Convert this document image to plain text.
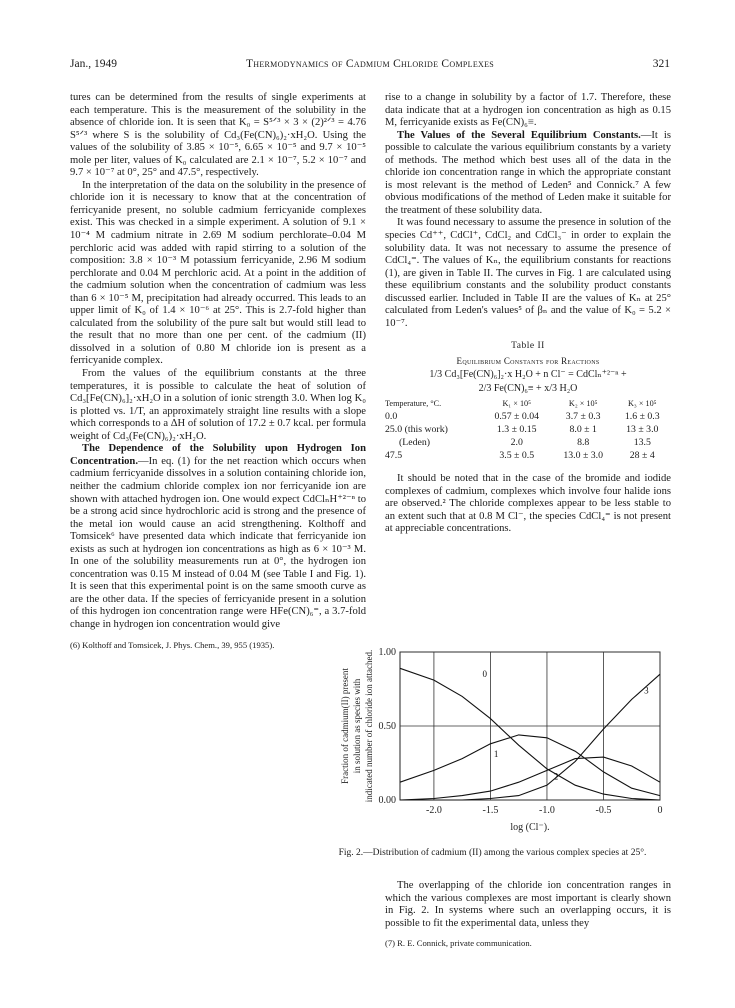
Jan., 1949	Thermodynamics of Cadmium Chloride Complexes	321

tures can be determined from the results of single experiments at each temperature. This is the measurement of the solubility in the absence of chloride ion. It is seen that K₀ = S⁵ᐟ³ × 3 × (2)²ᐟ³ = 4.76 S⁵ᐟ³ where S is the solubility of Cd₃(Fe(CN)₆)₂·xH₂O. Using the values of the solubility of 3.85 × 10⁻⁵, 6.65 × 10⁻⁵ and 9.7 × 10⁻⁵ mole per liter, values of K₀ calculated are 2.1 × 10⁻⁷, 5.2 × 10⁻⁷ and 9.7 × 10⁻⁷ at 0°, 25° and 47.5°, respectively.

In the interpretation of the data on the solubility in the presence of chloride ion it is necessary to know that at the concentration of ferricyanide present, no soluble cadmium ferricyanide complexes exist. This was checked in a simple experiment. A solution of 9.1 × 10⁻⁴ M cadmium nitrate in 2.69 M sodium perchlorate–0.04 M perchloric acid was added with rapid stirring to a solution of the composition: 3.8 × 10⁻³ M potassium ferricyanide, 2.96 M sodium perchlorate and 0.04 M perchloric acid. At a point in the addition of the cadmium solution when the concentration of cadmium was less than 6 × 10⁻⁵ M, precipitation had already occurred. This leads to an upper limit of K₀ of 1.4 × 10⁻⁶ at 25°. This is 2.7-fold higher than calculated from the solubility of the pure salt but would still lead to the result that no more than one per cent. of the cadmium (II) dissolved in a solution of 0.80 M chloride ion is present as a ferricyanide complex.

From the values of the equilibrium constants at the three temperatures, it is possible to calculate the heat of solution of Cd₃[Fe(CN)₆]₂·xH₂O in a solution of ionic strength 3.0. When log K₀ is plotted vs. 1/T, an approximately straight line results with a slope which corresponds to a ΔH of solution of 17.2 ± 0.7 kcal. per formula weight of Cd₃(Fe(CN)₆)₂·xH₂O.

The Dependence of the Solubility upon Hydrogen Ion Concentration.—In eq. (1) for the net reaction which occurs when cadmium ferricyanide dissolves in a solution containing chloride ion, neither the cadmium chloride complex ion nor ferricyanide ion are shown with attached hydrogen ion. One would expect CdClₙH⁺²⁻ⁿ to be a strong acid since hydrochloric acid is strong and the presence of the metal ion would cause an acid strengthening. Kolthoff and Tomsicek⁶ have presented data which indicate that ferricyanide ion exists as such at hydrogen ion concentrations as high as 6 × 10⁻³ M. In one of the solubility measurements run at 0°, the hydrogen ion concentration was 0.15 M instead of 0.04 M (see Table I and Fig. 1). It is seen that this experimental point is on the same smooth curve as are the other data. If the species of ferricyanide present in a solution of this hydrogen ion concentration range were HFe(CN)₆⁼, a 3.7-fold change in hydrogen ion concentration would give

(6) Kolthoff and Tomsicek, J. Phys. Chem., 39, 955 (1935).

rise to a change in solubility by a factor of 1.7. Therefore, these data indicate that at a hydrogen ion concentration as high as 0.15 M, ferricyanide exists as Fe(CN)₆≡.

The Values of the Several Equilibrium Constants.—It is possible to calculate the various equilibrium constants by a variety of methods. The method which best uses all of the data in the chloride ion concentration range in which the appropriate constant is most relevant is the method of Leden⁵ and Connick.⁷ A few obvious modifications of the method of Leden make it suitable for the treatment of these solubility data.

It was found necessary to assume the presence in solution of the species Cd⁺⁺, CdCl⁺, CdCl₂ and CdCl₃⁻ in order to explain the solubility data. It was not necessary to assume the presence of CdCl₄⁼. The values of Kₙ, the equilibrium constants for reactions (1), are given in Table II. The curves in Fig. 1 are calculated using these equilibrium constants and the solubility product constants discussed earlier. Included in Table II are the values of Kₙ at 25° calculated from Leden's values⁵ of βₙ and the value of K₀ = 5.2 × 10⁻⁷.

Table II
Equilibrium Constants for Reactions
1/3 Cd₃[Fe(CN)₆]₂·x H₂O + n Cl⁻ = CdClₙ⁺²⁻ⁿ +
2/3 Fe(CN)₆≡ + x/3 H₂O
Temperature, °C.	K₁ × 10⁵	K₂ × 10⁵	K₃ × 10⁵
0.0	0.57 ± 0.04	3.7 ± 0.3	1.6 ± 0.3
25.0 (this work)	1.3 ± 0.15	8.0 ± 1	13 ± 3.0
(Leden)	2.0	8.8	13.5
47.5	3.5 ± 0.5	13.0 ± 3.0	28 ± 4

It should be noted that in the case of the bromide and iodide complexes of cadmium, complexes which involve four halide ions are observed.² The chloride complexes appear to be less stable to an extent such that at 0.8 M Cl⁻, the species CdCl₄⁼ is not present at appreciable concentrations.

-2.0	-1.5	-1.0	-0.5	0
0.00
0.50
1.00
log (Cl⁻).
Fraction of cadmium(II) present in solution as species with indicated number of chloride ion attached.	0
1
2
3
Fig. 2.—Distribution of cadmium (II) among the various complex species at 25°.

The overlapping of the chloride ion concentration ranges in which the various complexes are most important is clearly shown in Fig. 2. In systems where such an overlapping occurs, it is possible to fit the experimental data, unless they

(7) R. E. Connick, private communication.
